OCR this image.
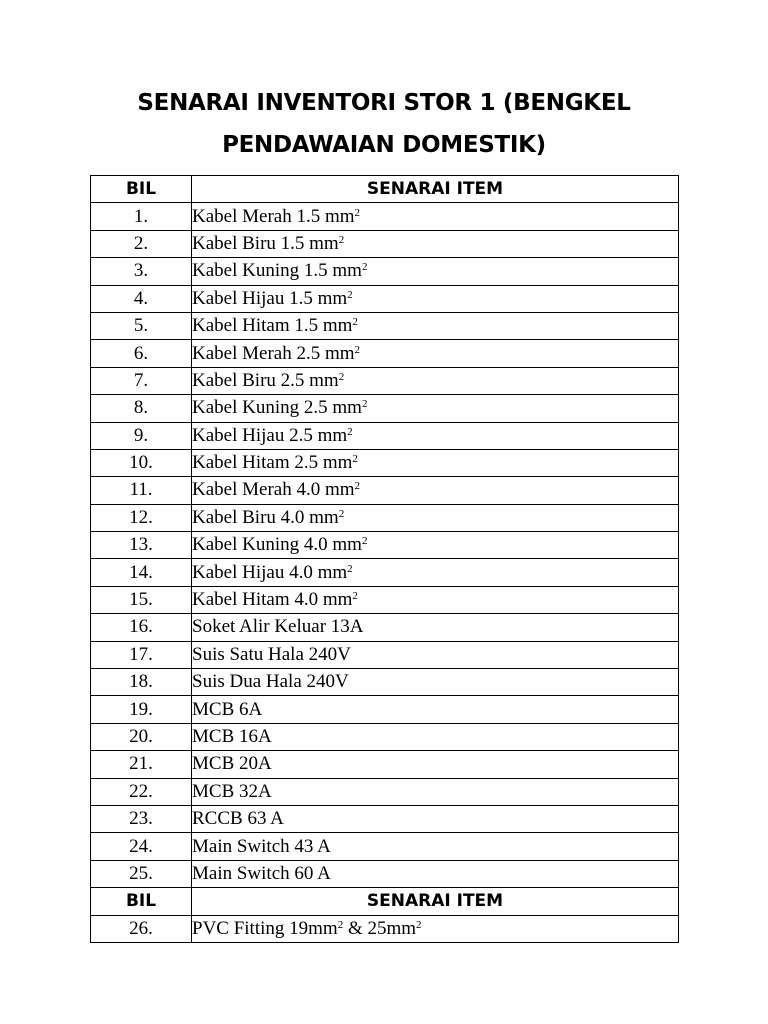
SENARAI INVENTORI STOR 1 (BENGKEL
PENDAWAIAN DOMESTIK)
BIL	SENARAI ITEM
1.	Kabel Merah 1.5 $mm^2$
2.	Kabel Biru 1.5 $mm^2$
3.	Kabel Kuning 1.5 $mm^2$
4.	Kabel Hijau 1.5 $mm^2$
5.	Kabel Hitam 1.5 $mm^2$
6.	Kabel Merah 2.5 $mm^2$
7.	Kabel Biru 2.5 $mm^2$
8.	Kabel Kuning 2.5 $mm^2$
9.	Kabel Hijau 2.5 $mm^2$
10.	Kabel Hitam 2.5 $mm^2$
11.	Kabel Merah 4.0 $mm^2$
12.	Kabel Biru 4.0 $mm^2$
13.	Kabel Kuning 4.0 $mm^2$
14.	Kabel Hijau 4.0 $mm^2$
15.	Kabel Hitam 4.0 $mm^2$
16.	Soket Alir Keluar 13A
17.	Suis Satu Hala 240V
18.	Suis Dua Hala 240V
19.	MCB 6A
20.	MCB 16A
21.	MCB 20A
22.	MCB 32A
23.	RCCB 63 A
24.	Main Switch 43 A
25.	Main Switch 60 A
BIL	SENARAI ITEM
26.	PVC Fitting $19mm^2$ & $25mm^2$
